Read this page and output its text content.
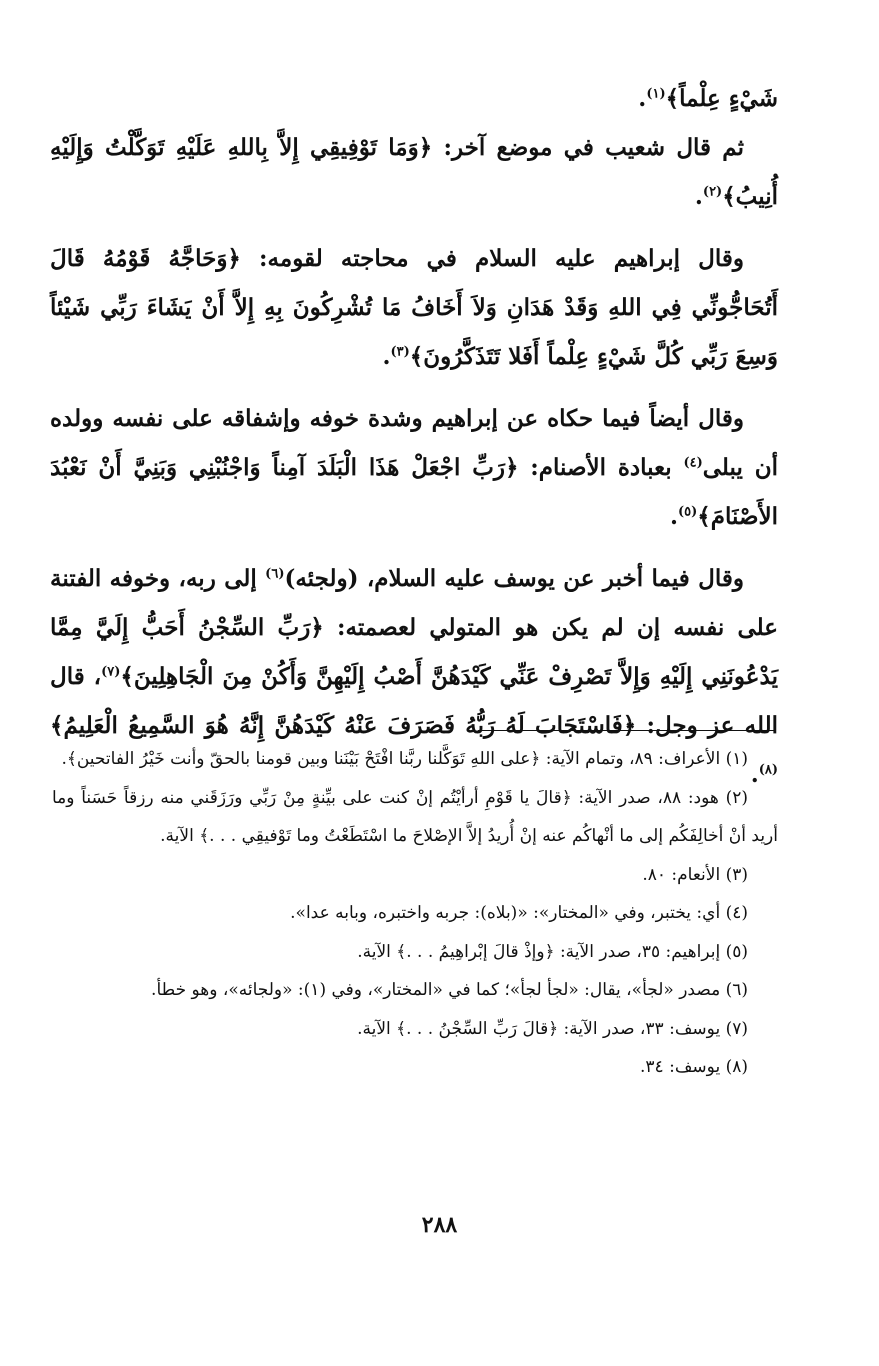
شَيْءٍ عِلْماً﴾$^{(١)}$.

ثم قال شعيب في موضع آخر: ﴿وَمَا تَوْفِيقِي إِلاَّ بِاللهِ عَلَيْهِ تَوَكَّلْتُ وَإِلَيْهِ أُنِيبُ﴾$^{(٢)}$.

وقال إبراهيم عليه السلام في محاجته لقومه: ﴿وَحَاجَّهُ قَوْمُهُ قَالَ أَتُحَاجُّونِّي فِي اللهِ وَقَدْ هَدَانِ وَلاَ أَخَافُ مَا تُشْرِكُونَ بِهِ إِلاَّ أَنْ يَشَاءَ رَبِّي شَيْئاً وَسِعَ رَبِّي كُلَّ شَيْءٍ عِلْماً أَفَلا تَتَذَكَّرُونَ﴾$^{(٣)}$.

وقال أيضاً فيما حكاه عن إبراهيم وشدة خوفه وإشفاقه على نفسه وولده أن يبلى$^{(٤)}$ بعبادة الأصنام: ﴿رَبِّ اجْعَلْ هَذَا الْبَلَدَ آمِناً وَاجْنُبْنِي وَبَنِيَّ أَنْ نَعْبُدَ الأَصْنَامَ﴾$^{(٥)}$.

وقال فيما أخبر عن يوسف عليه السلام، (ولجئه)$^{(٦)}$ إلى ربه، وخوفه الفتنة على نفسه إن لم يكن هو المتولي لعصمته: ﴿رَبِّ السِّجْنُ أَحَبُّ إِلَيَّ مِمَّا يَدْعُونَنِي إِلَيْهِ وَإِلاَّ تَصْرِفْ عَنِّي كَيْدَهُنَّ أَصْبُ إِلَيْهِنَّ وَأَكُنْ مِنَ الْجَاهِلِينَ﴾$^{(٧)}$، قال الله عز وجل: ﴿فَاسْتَجَابَ لَهُ رَبُّهُ فَصَرَفَ عَنْهُ كَيْدَهُنَّ إِنَّهُ هُوَ السَّمِيعُ الْعَلِيمُ﴾$^{(٨)}$.

(١) الأعراف: ٨٩، وتمام الآية: ﴿على اللهِ تَوَكَّلنا ربَّنا افْتَحْ بَيْنَنا وبين قومنا بالحقّ وأنت خَيْرُ الفاتحين﴾.

(٢) هود: ٨٨، صدر الآية: ﴿قالَ يا قَوْمِ أرأيْتُم إنْ كنت على بيِّنةٍ مِنْ رَبِّي ورَزَقَني منه رزقاً حَسَناً وما أريد أنْ أخالِفَكُم إلى ما أنْهاكُم عنه إنْ أُريدُ إلاَّ الإصْلاحَ ما اسْتَطَعْتُ وما تَوْفيقِي . . .﴾ الآية.

(٣) الأنعام: ٨٠.

(٤) أي: يختبر، وفي «المختار»: «(بلاه): جربه واختبره، وبابه عدا».

(٥) إبراهيم: ٣٥، صدر الآية: ﴿وإذْ قالَ إبْراهِيمُ . . .﴾ الآية.

(٦) مصدر «لجأ»، يقال: «لجأ لجأ»؛ كما في «المختار»، وفي (١): «ولجائه»، وهو خطأ.

(٧) يوسف: ٣٣، صدر الآية: ﴿قالَ رَبِّ السِّجْنُ . . .﴾ الآية.

(٨) يوسف: ٣٤.

٢٨٨
